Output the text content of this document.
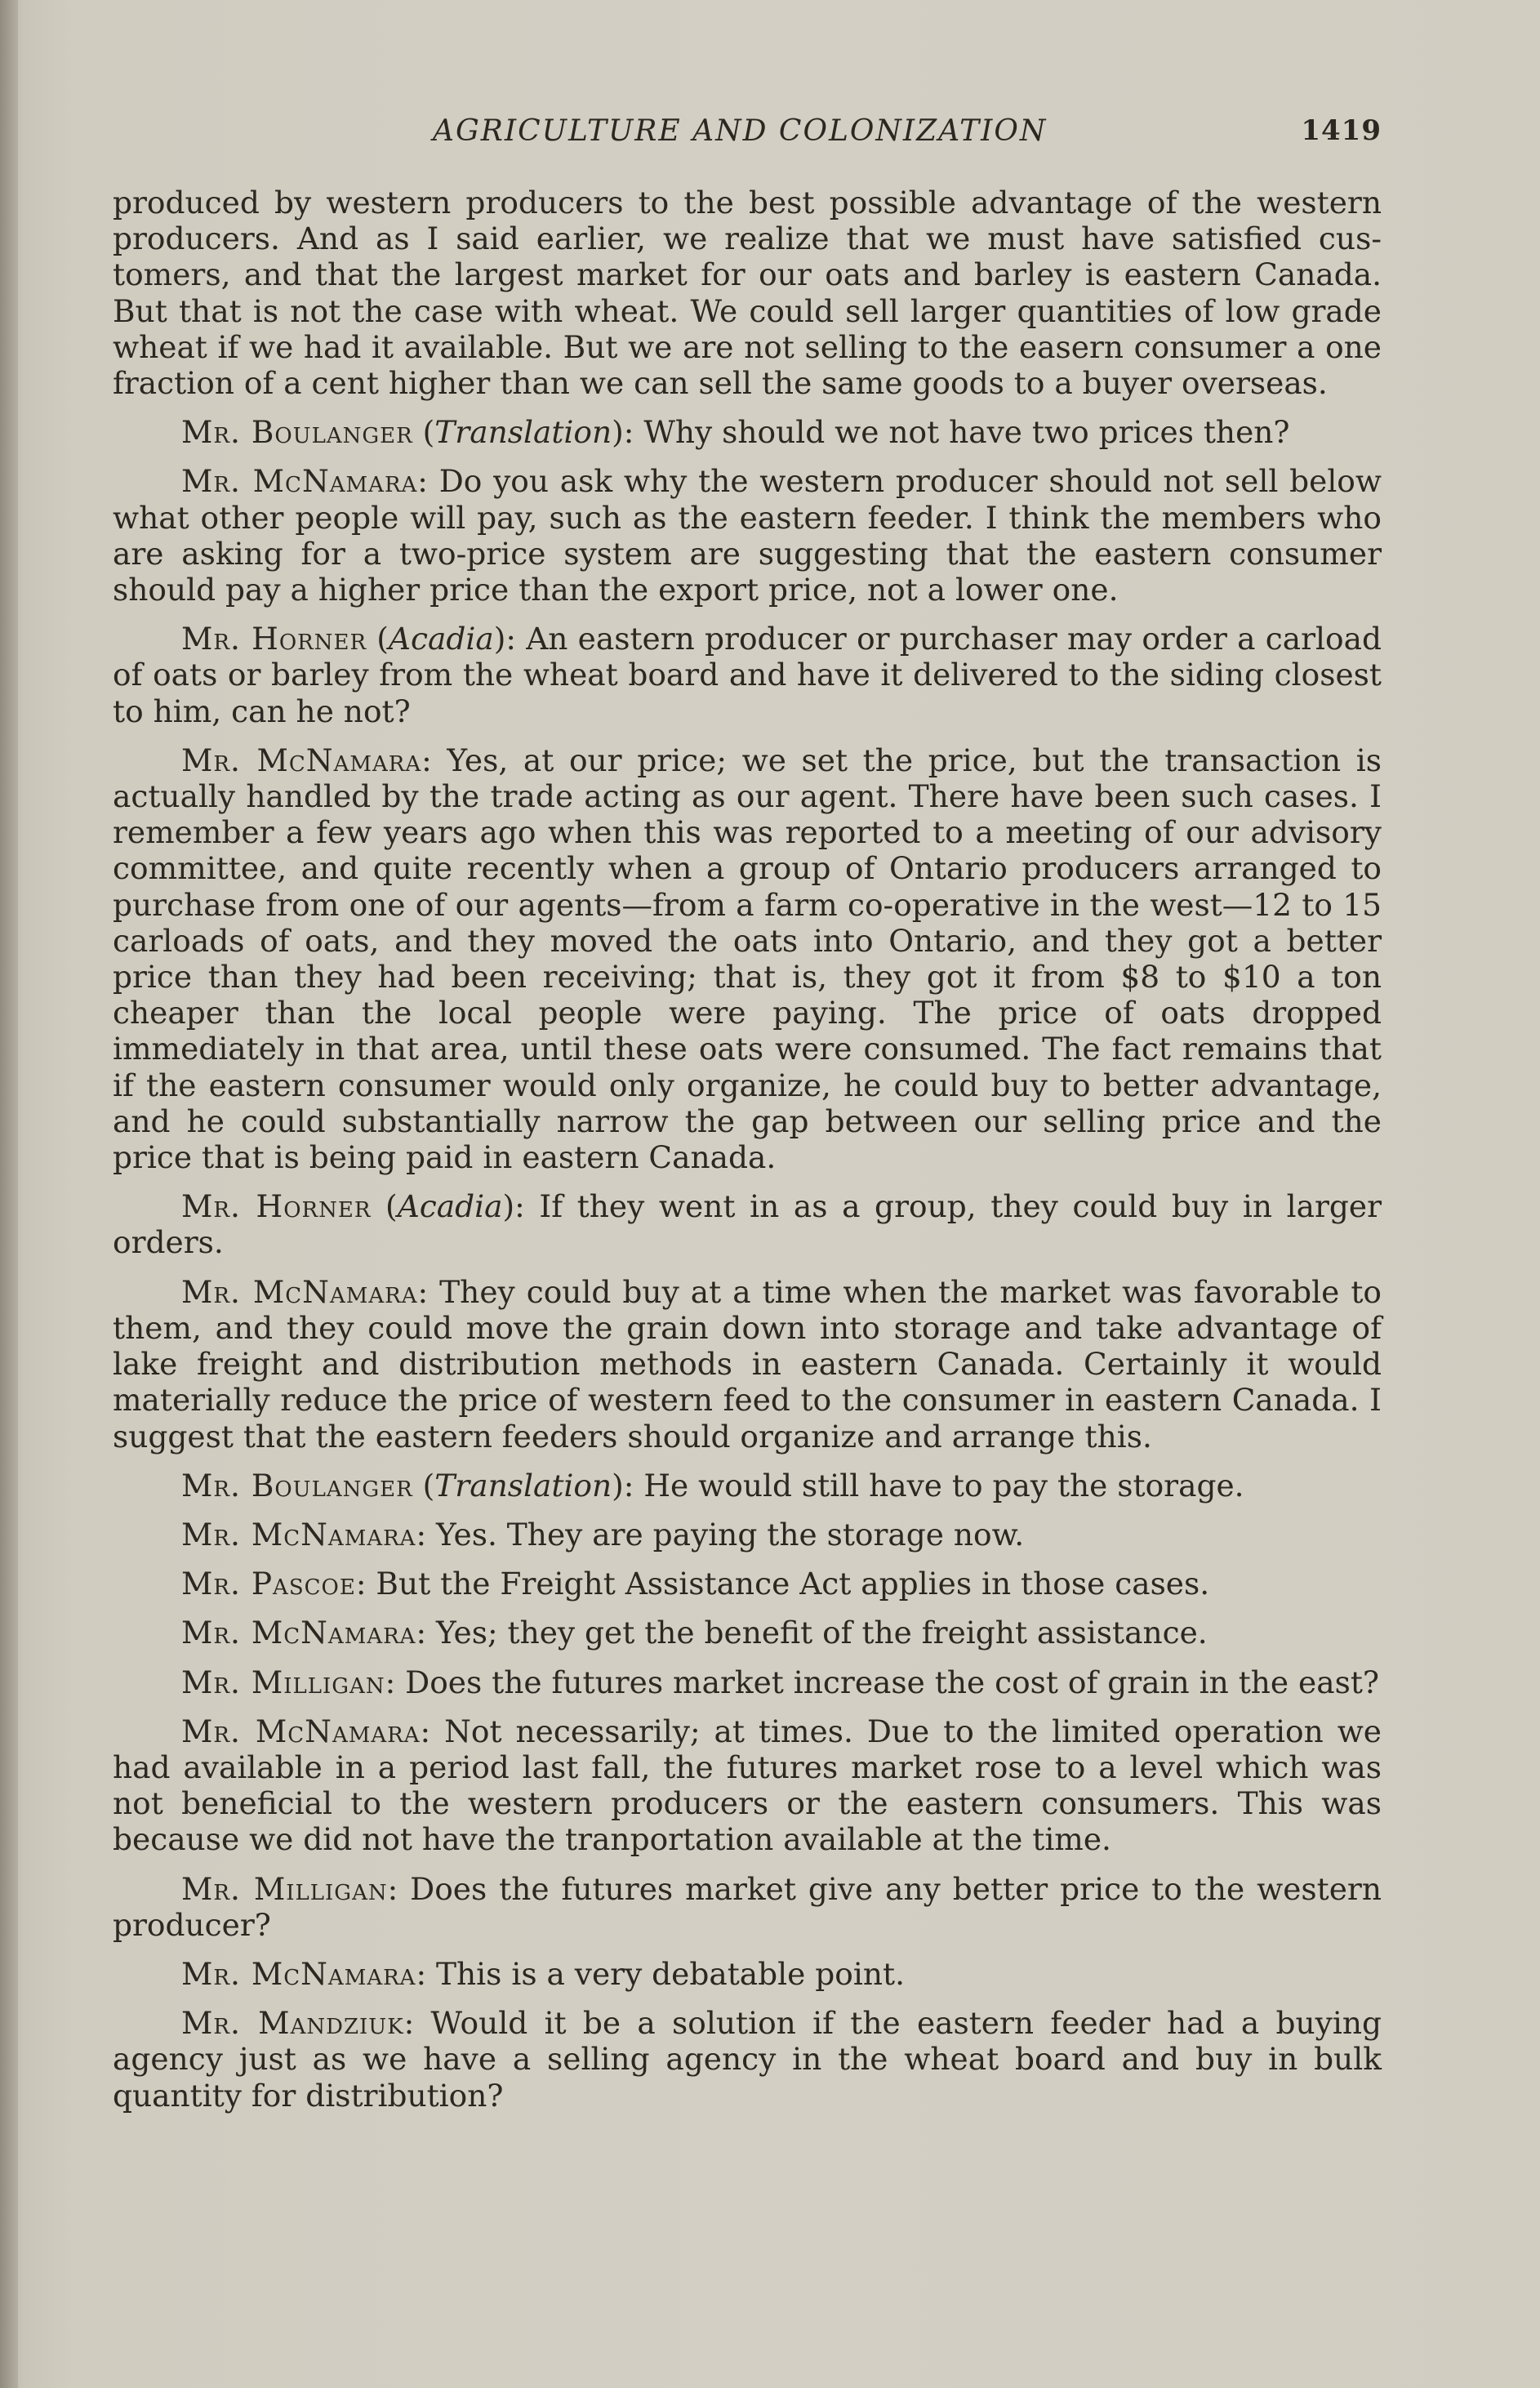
AGRICULTURE AND COLONIZATION	1419

produced by western producers to the best possible advantage of the western producers. And as I said earlier, we realize that we must have satisfied customers, and that the largest market for our oats and barley is eastern Canada. But that is not the case with wheat. We could sell larger quantities of low grade wheat if we had it available. But we are not selling to the easern consumer a one fraction of a cent higher than we can sell the same goods to a buyer overseas.

Mr. Boulanger (Translation): Why should we not have two prices then?

Mr. McNamara: Do you ask why the western producer should not sell below what other people will pay, such as the eastern feeder. I think the members who are asking for a two-price system are suggesting that the eastern consumer should pay a higher price than the export price, not a lower one.

Mr. Horner (Acadia): An eastern producer or purchaser may order a carload of oats or barley from the wheat board and have it delivered to the siding closest to him, can he not?

Mr. McNamara: Yes, at our price; we set the price, but the transaction is actually handled by the trade acting as our agent. There have been such cases. I remember a few years ago when this was reported to a meeting of our advisory committee, and quite recently when a group of Ontario producers arranged to purchase from one of our agents—from a farm co-operative in the west—12 to 15 carloads of oats, and they moved the oats into Ontario, and they got a better price than they had been receiving; that is, they got it from $8 to $10 a ton cheaper than the local people were paying. The price of oats dropped immediately in that area, until these oats were consumed. The fact remains that if the eastern consumer would only organize, he could buy to better advantage, and he could substantially narrow the gap between our selling price and the price that is being paid in eastern Canada.

Mr. Horner (Acadia): If they went in as a group, they could buy in larger orders.

Mr. McNamara: They could buy at a time when the market was favorable to them, and they could move the grain down into storage and take advantage of lake freight and distribution methods in eastern Canada. Certainly it would materially reduce the price of western feed to the consumer in eastern Canada. I suggest that the eastern feeders should organize and arrange this.

Mr. Boulanger (Translation): He would still have to pay the storage.

Mr. McNamara: Yes. They are paying the storage now.

Mr. Pascoe: But the Freight Assistance Act applies in those cases.

Mr. McNamara: Yes; they get the benefit of the freight assistance.

Mr. Milligan: Does the futures market increase the cost of grain in the east?

Mr. McNamara: Not necessarily; at times. Due to the limited operation we had available in a period last fall, the futures market rose to a level which was not beneficial to the western producers or the eastern consumers. This was because we did not have the tranportation available at the time.

Mr. Milligan: Does the futures market give any better price to the western producer?

Mr. McNamara: This is a very debatable point.

Mr. Mandziuk: Would it be a solution if the eastern feeder had a buying agency just as we have a selling agency in the wheat board and buy in bulk quantity for distribution?
